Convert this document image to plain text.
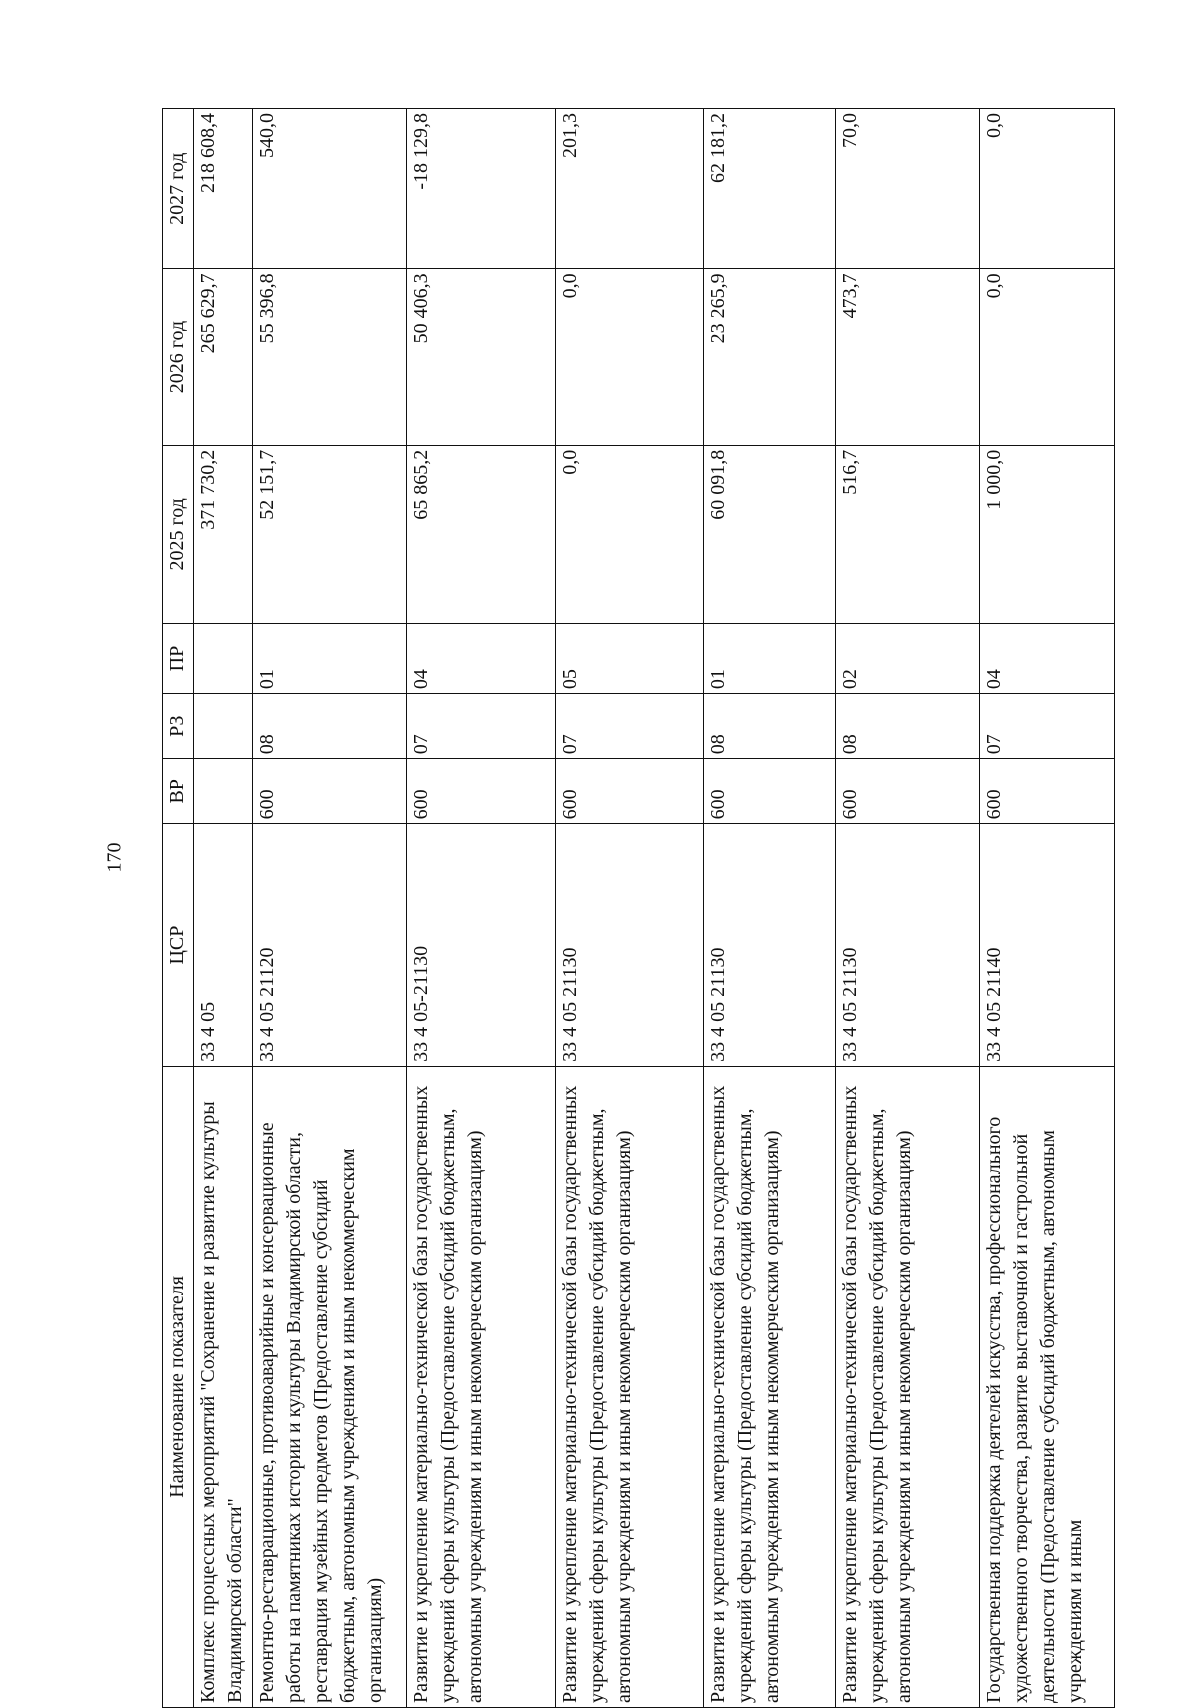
170
Наименование показателя	ЦСР	ВР	РЗ	ПР	2025 год	2026 год	2027 год
Комплекс процессных мероприятий "Сохранение и развитие культуры Владимирской области"	33 4 05				371 730,2	265 629,7	218 608,4
Ремонтно-реставрационные, противоаварийные и консервационные работы на памятниках истории и культуры Владимирской области, реставрация музейных предметов (Предоставление субсидий бюджетным, автономным учреждениям и иным некоммерческим организациям)	33 4 05 21120	600	08	01	52 151,7	55 396,8	540,0
Развитие и укрепление материально-технической базы государственных учреждений сферы культуры (Предоставление субсидий бюджетным, автономным учреждениям и иным некоммерческим организациям)	33 4 05-21130	600	07	04	65 865,2	50 406,3	-18 129,8
Развитие и укрепление материально-технической базы государственных учреждений сферы культуры (Предоставление субсидий бюджетным, автономным учреждениям и иным некоммерческим организациям)	33 4 05 21130	600	07	05	0,0	0,0	201,3
Развитие и укрепление материально-технической базы государственных учреждений сферы культуры (Предоставление субсидий бюджетным, автономным учреждениям и иным некоммерческим организациям)	33 4 05 21130	600	08	01	60 091,8	23 265,9	62 181,2
Развитие и укрепление материально-технической базы государственных учреждений сферы культуры (Предоставление субсидий бюджетным, автономным учреждениям и иным некоммерческим организациям)	33 4 05 21130	600	08	02	516,7	473,7	70,0
Государственная поддержка деятелей искусства, профессионального художественного творчества, развитие выставочной и гастрольной деятельности (Предоставление субсидий бюджетным, автономным учреждениям и иным	33 4 05 21140	600	07	04	1 000,0	0,0	0,0
